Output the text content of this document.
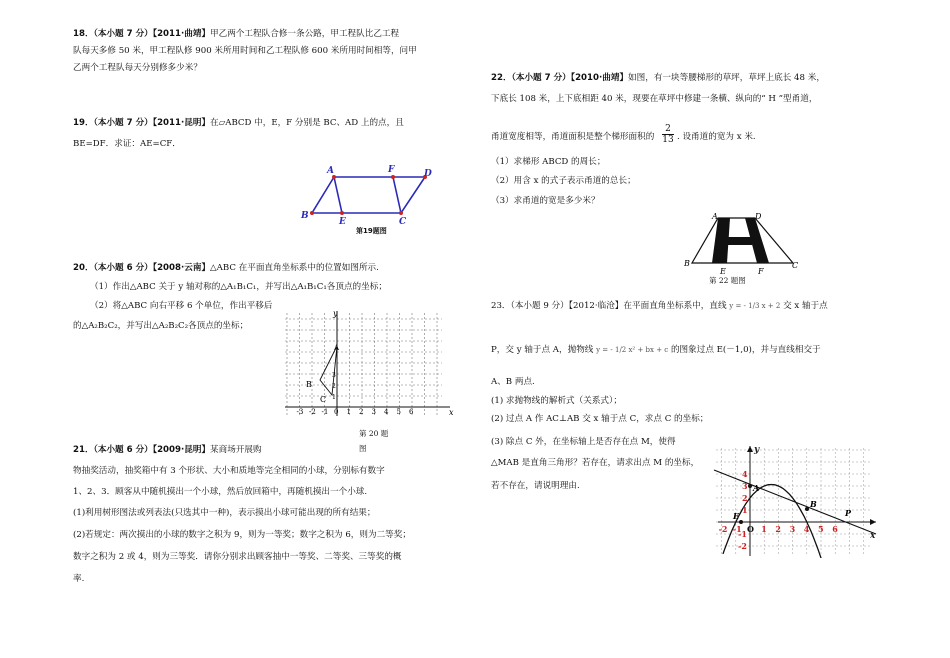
18．（本小题 7 分）【2011·曲靖】甲乙两个工程队合修一条公路，甲工程队比乙工程
队每天多修 50 米，甲工程队修 900 米所用时间和乙工程队修 600 米所用时间相等，问甲
乙两个工程队每天分别修多少米？
19．（本小题 7 分）【2011·昆明】在▱ABCD 中，E，F 分别是 BC、AD 上的点，且
BE=DF．求证：AE=CF．
A	F	D
B
E	C
第19题图
20．（本小题 6 分）【2008·云南】△ABC 在平面直角坐标系中的位置如图所示.
（1）作出△ABC 关于 y 轴对称的△A₁B₁C₁，并写出△A₁B₁C₁各顶点的坐标；
（2）将△ABC 向右平移 6 个单位，作出平移后
的△A₂B₂C₂，并写出△A₂B₂C₂各顶点的坐标；
x
y
A
B
C
-3 -2 -1 0 1 2 3 4 5 6
1
2
3
第 20 题
图
21．（本小题 6 分）【2009·昆明】某商场开展购
物抽奖活动，抽奖箱中有 3 个形状、大小和质地等完全相同的小球，分别标有数字
1、2、3．顾客从中随机摸出一个小球，然后放回箱中，再随机摸出一个小球.
(1)利用树形图法或列表法(只选其中一种)，表示摸出小球可能出现的所有结果；
(2)若规定：两次摸出的小球的数字之积为 9，则为一等奖；数字之积为 6，则为二等奖；
数字之积为 2 或 4，则为三等奖．请你分别求出顾客抽中一等奖、二等奖、三等奖的概
率.
22．（本小题 7 分）【2010·曲靖】如图，有一块等腰梯形的草坪，草坪上底长 48 米，
下底长 108 米，上下底相距 40 米，现要在草坪中修建一条横、纵向的“ H ”型甬道，
甬道宽度相等，甬道面积是整个梯形面积的 $\frac{2}{13}$ . 设甬道的宽为 x 米.
（1）求梯形 ABCD 的周长；
（2）用含 x 的式子表示甬道的总长；
（3）求甬道的宽是多少米？
A	D
B
E	F
C
第 22 题图
23．（本小题 9 分）【2012·临沧】在平面直角坐标系中，直线 y = - 1/3 x + 2 交 x 轴于点
P，交 y 轴于点 A，抛物线 y = - 1/2 x² + bx + c 的图象过点 E(－1,0)，并与直线相交于
A、B 两点.
(1) 求抛物线的解析式（关系式）；
(2) 过点 A 作 AC⊥AB 交 x 轴于点 C，求点 C 的坐标；
(3) 除点 C 外，在坐标轴上是否存在点 M，使得
△MAB 是直角三角形？若存在，请求出点 M 的坐标，
若不存在，请说明理由.
y
x
A
B
E	P
-2 -1 O 1 2 3 4 5 6
1
2
3
4
-1
-2
